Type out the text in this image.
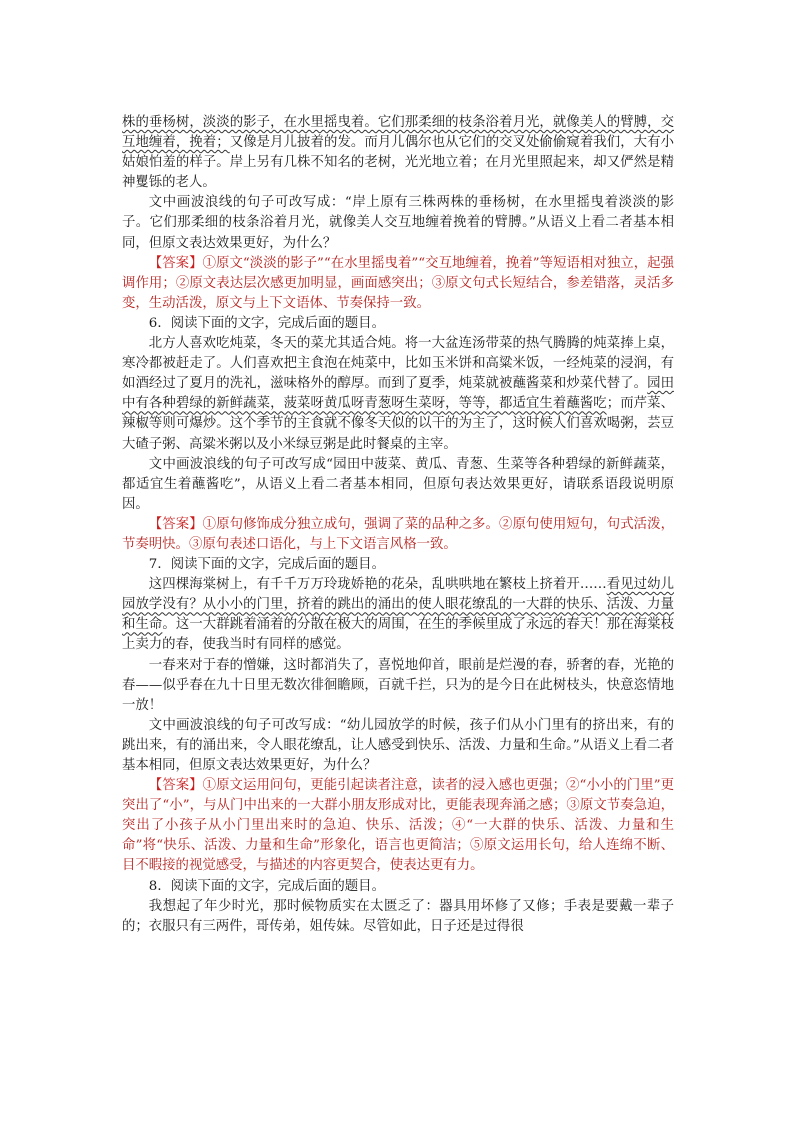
株的垂杨树，淡淡的影子，在水里摇曳着。它们那柔细的枝条浴着月光，就像美人的臂膊，交互地缠着，挽着；又像是月儿披着的发。而月儿偶尔也从它们的交叉处偷偷窥着我们，大有小姑娘怕羞的样子。岸上另有几株不知名的老树，光光地立着；在月光里照起来，却又俨然是精神矍铄的老人。

文中画波浪线的句子可改写成：“岸上原有三株两株的垂杨树，在水里摇曳着淡淡的影子。它们那柔细的枝条浴着月光，就像美人交互地缠着挽着的臂膊。”从语义上看二者基本相同，但原文表达效果更好，为什么？

【答案】①原文“淡淡的影子”“在水里摇曳着”“交互地缠着，挽着”等短语相对独立，起强调作用；②原文表达层次感更加明显，画面感突出；③原文句式长短结合，参差错落，灵活多变，生动活泼，原文与上下文语体、节奏保持一致。

6．阅读下面的文字，完成后面的题目。

北方人喜欢吃炖菜，冬天的菜尤其适合炖。将一大盆连汤带菜的热气腾腾的炖菜捧上桌，寒冷都被赶走了。人们喜欢把主食泡在炖菜中，比如玉米饼和高粱米饭，一经炖菜的浸润，有如酒经过了夏月的洗礼，滋味格外的醇厚。而到了夏季，炖菜就被蘸酱菜和炒菜代替了。园田中有各种碧绿的新鲜蔬菜，菠菜呀黄瓜呀青葱呀生菜呀，等等，都适宜生着蘸酱吃；而芹菜、辣椒等则可爆炒。这个季节的主食就不像冬天似的以干的为主了，这时候人们喜欢喝粥，芸豆大碴子粥、高粱米粥以及小米绿豆粥是此时餐桌的主宰。

文中画波浪线的句子可改写成“园田中菠菜、黄瓜、青葱、生菜等各种碧绿的新鲜蔬菜，都适宜生着蘸酱吃”，从语义上看二者基本相同，但原句表达效果更好，请联系语段说明原因。

【答案】①原句修饰成分独立成句，强调了菜的品种之多。②原句使用短句，句式活泼，节奏明快。③原句表述口语化，与上下文语言风格一致。

7．阅读下面的文字，完成后面的题目。

这四棵海棠树上，有千千万万玲珑娇艳的花朵，乱哄哄地在繁枝上挤着开……看见过幼儿园放学没有？从小小的门里，挤着的跳出的涌出的使人眼花缭乱的一大群的快乐、活泼、力量和生命。这一大群跳着涌着的分散在极大的周围，在生的季候里成了永远的春天！那在海棠枝上卖力的春，使我当时有同样的感觉。

一春来对于春的憎嫌，这时都消失了，喜悦地仰首，眼前是烂漫的春，骄奢的春，光艳的春——似乎春在九十日里无数次徘徊瞻顾，百就千拦，只为的是今日在此树枝头，快意恣情地一放！

文中画波浪线的句子可改写成：“幼儿园放学的时候，孩子们从小门里有的挤出来，有的跳出来，有的涌出来，令人眼花缭乱，让人感受到快乐、活泼、力量和生命。”从语义上看二者基本相同，但原文表达效果更好，为什么？

【答案】①原文运用问句，更能引起读者注意，读者的浸入感也更强；②“小小的门里”更突出了“小”，与从门中出来的一大群小朋友形成对比，更能表现奔涌之感；③原文节奏急迫，突出了小孩子从小门里出来时的急迫、快乐、活泼；④“一大群的快乐、活泼、力量和生命”将“快乐、活泼、力量和生命”形象化，语言也更简洁；⑤原文运用长句，给人连绵不断、目不暇接的视觉感受，与描述的内容更契合，使表达更有力。

8．阅读下面的文字，完成后面的题目。

我想起了年少时光，那时候物质实在太匮乏了：器具用坏修了又修；手表是要戴一辈子的；衣服只有三两件，哥传弟，姐传妹。尽管如此，日子还是过得很
